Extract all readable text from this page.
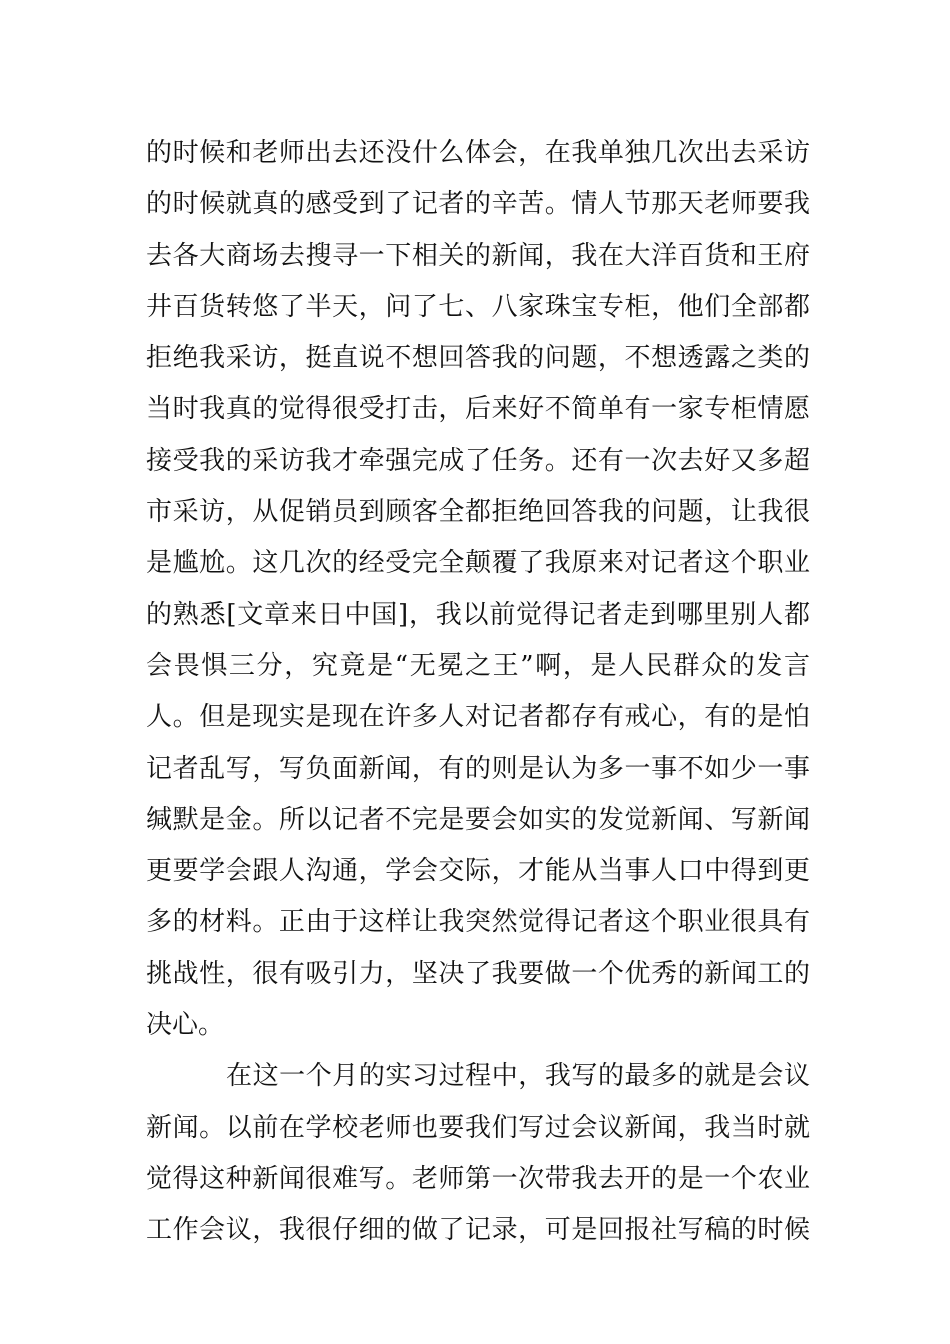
的时候和老师出去还没什么体会，在我单独几次出去采访
的时候就真的感受到了记者的辛苦。情人节那天老师要我
去各大商场去搜寻一下相关的新闻，我在大洋百货和王府
井百货转悠了半天，问了七、八家珠宝专柜，他们全部都
拒绝我采访，挺直说不想回答我的问题，不想透露之类的
当时我真的觉得很受打击，后来好不简单有一家专柜情愿
接受我的采访我才牵强完成了任务。还有一次去好又多超
市采访，从促销员到顾客全都拒绝回答我的问题，让我很
是尴尬。这几次的经受完全颠覆了我原来对记者这个职业
的熟悉[文章来日中国]，我以前觉得记者走到哪里别人都
会畏惧三分，究竟是“无冕之王”啊，是人民群众的发言
人。但是现实是现在许多人对记者都存有戒心，有的是怕
记者乱写，写负面新闻，有的则是认为多一事不如少一事
缄默是金。所以记者不完是要会如实的发觉新闻、写新闻
更要学会跟人沟通，学会交际，才能从当事人口中得到更
多的材料。正由于这样让我突然觉得记者这个职业很具有
挑战性，很有吸引力，坚决了我要做一个优秀的新闻工的
决心。
在这一个月的实习过程中，我写的最多的就是会议
新闻。以前在学校老师也要我们写过会议新闻，我当时就
觉得这种新闻很难写。老师第一次带我去开的是一个农业
工作会议，我很仔细的做了记录，可是回报社写稿的时候
